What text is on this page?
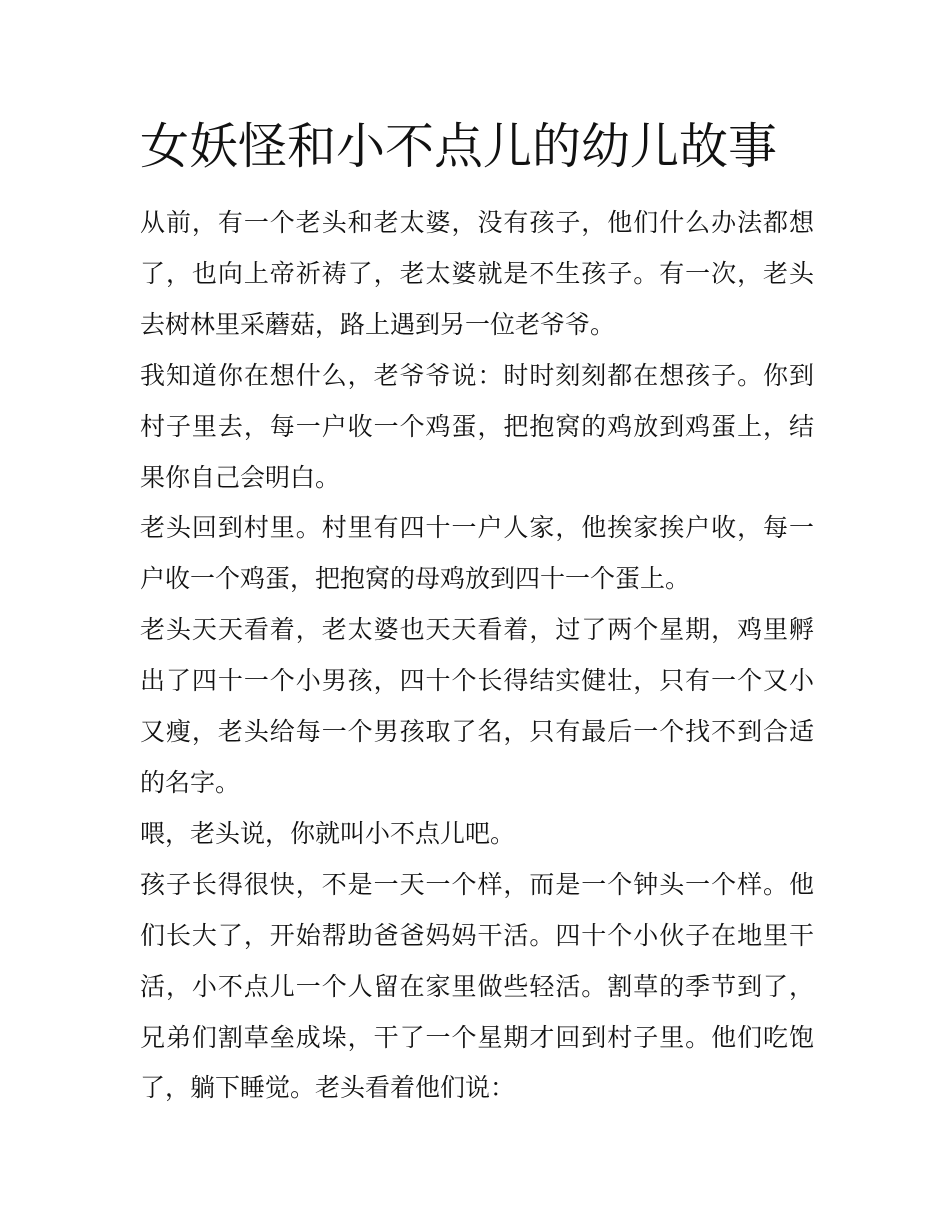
女妖怪和小不点儿的幼儿故事

从前，有一个老头和老太婆，没有孩子，他们什么办法都想了，也向上帝祈祷了，老太婆就是不生孩子。有一次，老头去树林里采蘑菇，路上遇到另一位老爷爷。

我知道你在想什么，老爷爷说：时时刻刻都在想孩子。你到村子里去，每一户收一个鸡蛋，把抱窝的鸡放到鸡蛋上，结果你自己会明白。

老头回到村里。村里有四十一户人家，他挨家挨户收，每一户收一个鸡蛋，把抱窝的母鸡放到四十一个蛋上。

老头天天看着，老太婆也天天看着，过了两个星期，鸡里孵出了四十一个小男孩，四十个长得结实健壮，只有一个又小又瘦，老头给每一个男孩取了名，只有最后一个找不到合适的名字。

喂，老头说，你就叫小不点儿吧。

孩子长得很快，不是一天一个样，而是一个钟头一个样。他们长大了，开始帮助爸爸妈妈干活。四十个小伙子在地里干活，小不点儿一个人留在家里做些轻活。割草的季节到了，兄弟们割草垒成垛，干了一个星期才回到村子里。他们吃饱了，躺下睡觉。老头看着他们说：
